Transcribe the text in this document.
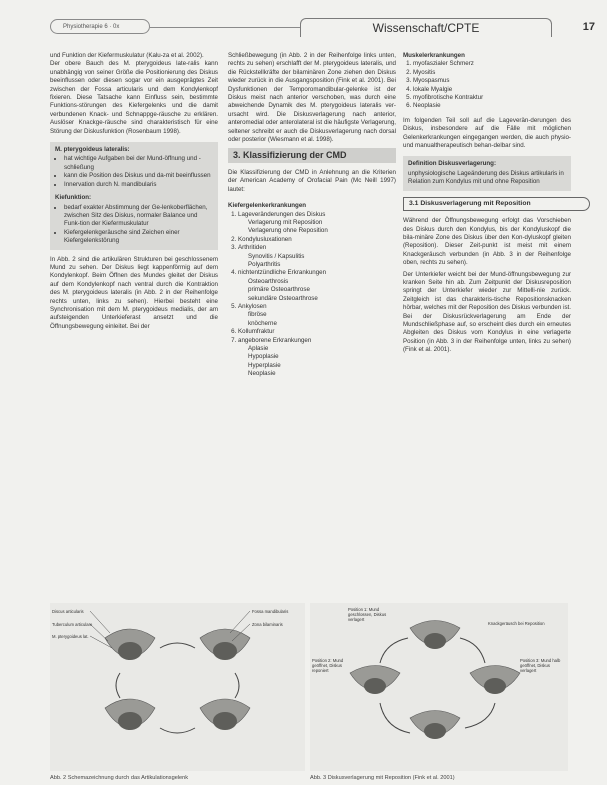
Physiotherapie 6 · 0x	Wissenschaft/CPTE	17

und Funktion der Kiefermuskulatur (Kalu-za et al. 2002).

Der obere Bauch des M. pterygoideus late-ralis kann unabhängig von seiner Größe die Positionierung des Diskus beeinflussen oder diesen sogar vor ein ausgeprägtes Zeit zwischen der Fossa articularis und dem Kondylenkopf fixieren. Diese Tatsache kann Einfluss sein, bestimmte Funktions-störungen des Kiefergelenks und die damit verbundenen Knack- und Schnappge-räusche zu erklären. Auslöser Knackge-räusche sind charakteristisch für eine Störung der Diskusfunktion (Rosenbaum 1998).

M. pterygoideus lateralis:
• hat wichtige Aufgaben bei der Mund-öffnung und -schließung
• kann die Position des Diskus und da-mit beeinflussen
• Innervation durch N. mandibularis
Kiefunktion:
• bedarf exakter Abstimmung der Ge-lenkoberflächen, zwischen Sitz des Diskus, normaler Balance und Funk-tion der Kiefermuskulatur
• Kiefergelenkgeräusche sind Zeichen einer Kiefergelenkstörung

In Abb. 2 sind die artikulären Strukturen bei geschlossenem Mund zu sehen. Der Diskus liegt kappenförmig auf dem Kondylenkopf. Beim Öffnen des Mundes gleitet der Diskus auf dem Kondylenkopf nach ventral durch die Kontraktion des M. pterygoideus lateralis (in Abb. 2 in der Reihenfolge rechts unten, links zu sehen). Hierbei besteht eine Synchronisation mit dem M. pterygoideus medialis, der am aufsteigenden Unterkieferast ansetzt und die Öffnungsbewegung einleitet. Bei der

Schließbewegung (in Abb. 2 in der Reihenfolge links unten, rechts zu sehen) erschlafft der M. pterygoideus lateralis, und die Rückstellkräfte der bilaminären Zone ziehen den Diskus wieder zurück in die Ausgangsposition (Fink et al. 2001). Bei Dysfunktionen der Temporomandibular-gelenke ist der Diskus meist nach anterior verschoben, was durch eine abweichende Dynamik des M. pterygoideus lateralis ver-ursacht wird. Die Diskusverlagerung nach anterior, anteromedial oder anterolateral ist die häufigste Verlagerung, seltener schreibt er auch die Diskusverlagerung nach dorsal oder posterior (Wiesmann et al. 1998).

3. Klassifizierung der CMD

Die Klassifizierung der CMD in Anlehnung an die Kriterien der American Academy of Orofacial Pain (Mc Neill 1997) lautet:

Kiefergelenkerkrankungen
1. Lageveränderungen des Diskus
Verlagerung mit Reposition
Verlagerung ohne Reposition
2. Kondylusluxationen
3. Arthritiden
Synovitis / Kapsulitis
Polyarthritis
4. nichtentzündliche Erkrankungen
Osteoarthrosis
primäre Osteoarthrose
sekundäre Osteoarthrose
5. Ankylosen
fibröse
knöcherne
6. Kollumfraktur
7. angeborene Erkrankungen
Aplasie
Hypoplasie
Hyperplasie
Neoplasie
Muskelerkrankungen
1. myofaszialer Schmerz
2. Myositis
3. Myospasmus
4. lokale Myalgie
5. myofibrotische Kontraktur
6. Neoplasie

Im folgenden Teil soll auf die Lageverän-derungen des Diskus, insbesondere auf die Fälle mit möglichen Gelenkerkrankungen eingegangen werden, die auch physio- und manualtherapeutisch behan-delbar sind.

Definition Diskusverlagerung:
unphysiologische Lageänderung des Diskus artikularis in Relation zum Kondylus mit und ohne Reposition
3.1 Diskusverlagerung mit Reposition

Während der Öffnungsbewegung erfolgt das Vorschieben des Diskus durch den Kondylus, bis der Kondyluskopf die bila-minäre Zone des Diskus über den Kon-dyluskopf gleiten (Reposition). Dieser Zeit-punkt ist meist mit einem Knackgeräusch verbunden (in Abb. 3 in der Reihenfolge oben, rechts zu sehen).

Der Unterkiefer weicht bei der Mund-öffnungsbewegung zur kranken Seite hin ab. Zum Zeitpunkt der Diskusreposition springt der Unterkiefer wieder zur Mittelli-nie zurück. Zeitgleich ist das charakteris-tische Repositionsknacken hörbar, welches mit der Reposition des Diskus verbunden ist. Bei der Diskusrückverlagerung am Ende der Mundschließphase auf, so erscheint dies durch ein erneutes Abgleiten des Diskus vom Kondylus in eine verlagerte Position (in Abb. 3 in der Reihenfolge unten, links zu sehen) (Fink et al. 2001).

Discus articularis
Tuberculum articulare
M. pterygoideus lat.
Fossa mandibularis
Zona bilaminaris
Position 1: Mund geschlossen, Diskus verlagert
Knackgeräusch bei Reposition
Position 2: Mund geöffnet, Diskus reponiert
Position 3: Mund halb geöffnet, Diskus verlagert
Abb. 2 Schemazeichnung durch das Artikulationsgelenk	Abb. 3 Diskusverlagerung mit Reposition (Fink et al. 2001)
